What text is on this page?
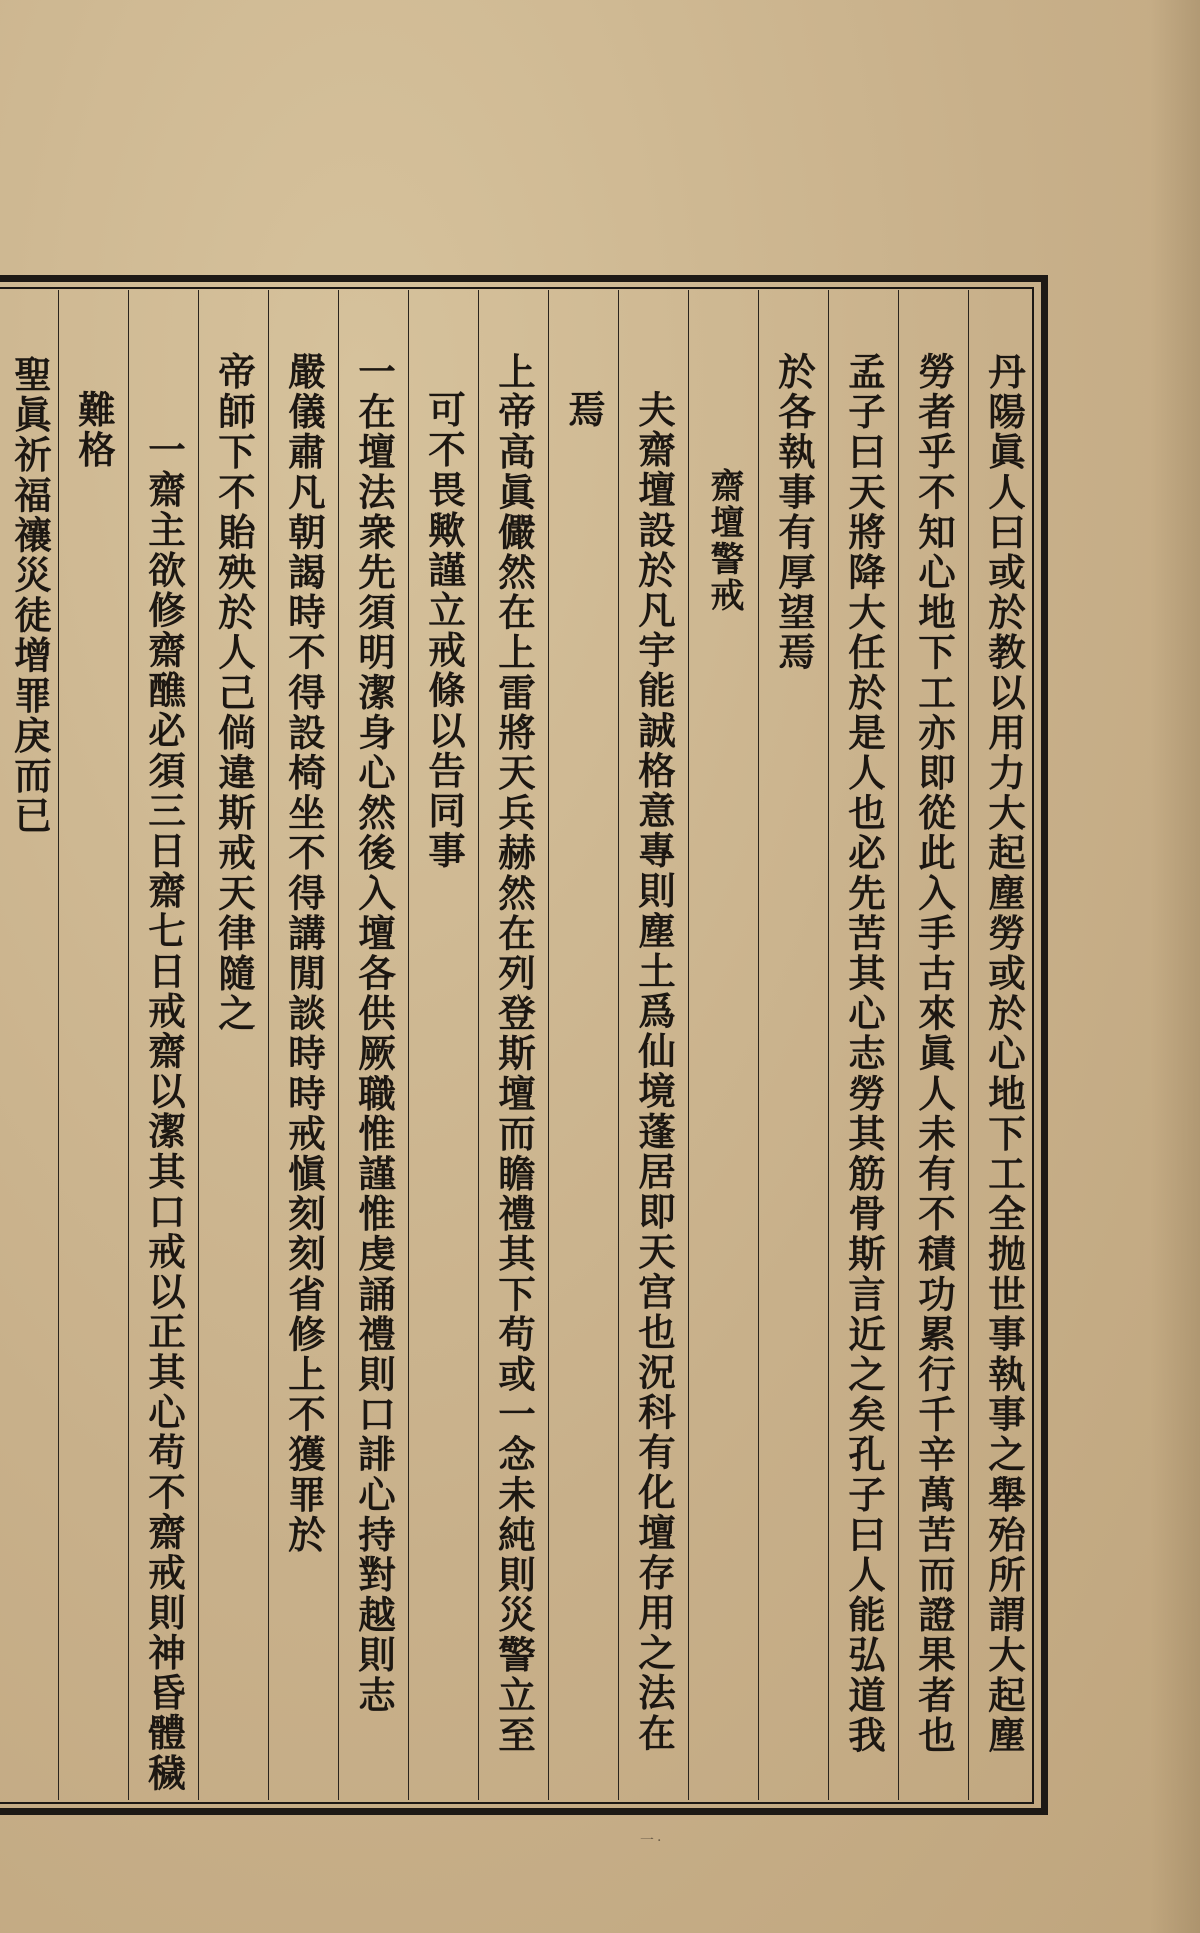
丹陽眞人曰或於教以用力大起塵勞或於心地下工全抛世事執事之舉殆所謂大起塵
勞者乎不知心地下工亦即從此入手古來眞人未有不積功累行千辛萬苦而證果者也
孟子曰天將降大任於是人也必先苦其心志勞其筋骨斯言近之矣孔子曰人能弘道我
於各執事有厚望焉
齋壇警戒
夫齋壇設於凡宇能誠格意專則塵土爲仙境蓬居即天宫也況科有化壇存用之法在
焉
上帝高眞儼然在上雷將天兵赫然在列登斯壇而瞻禮其下苟或一念未純則災警立至
可不畏歟謹立戒條以告同事
一在壇法衆先須明潔身心然後入壇各供厥職惟謹惟虔誦禮則口誹心持對越則志
嚴儀肅凡朝謁時不得設椅坐不得講閒談時時戒愼刻刻省修上不獲罪於
帝師下不貽殃於人己倘違斯戒天律隨之
一齋主欲修齋醮必須三日齋七日戒齋以潔其口戒以正其心苟不齋戒則神昏體穢
難格
聖眞祈福禳災徒增罪戾而已
一·
